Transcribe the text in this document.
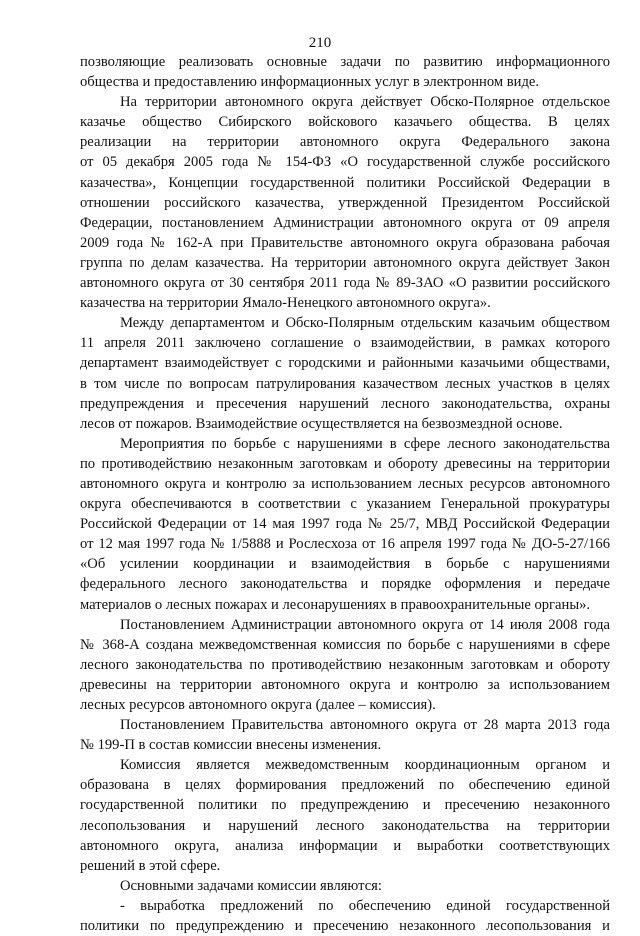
210
позволяющие реализовать основные задачи по развитию информационного
общества и предоставлению информационных услуг в электронном виде.
На территории автономного округа действует Обско-Полярное отдельское
казачье общество Сибирского войскового казачьего общества. В целях
реализации на территории автономного округа Федерального закона
от 05 декабря 2005 года № 154-ФЗ «О государственной службе российского
казачества», Концепции государственной политики Российской Федерации в
отношении российского казачества, утвержденной Президентом Российской
Федерации, постановлением Администрации автономного округа от 09 апреля
2009 года № 162-А при Правительстве автономного округа образована рабочая
группа по делам казачества. На территории автономного округа действует Закон
автономного округа от 30 сентября 2011 года № 89-ЗАО «О развитии российского
казачества на территории Ямало-Ненецкого автономного округа».
Между департаментом и Обско-Полярным отдельским казачьим обществом
11 апреля 2011 заключено соглашение о взаимодействии, в рамках которого
департамент взаимодействует с городскими и районными казачьими обществами,
в том числе по вопросам патрулирования казачеством лесных участков в целях
предупреждения и пресечения нарушений лесного законодательства, охраны
лесов от пожаров. Взаимодействие осуществляется на безвозмездной основе.
Мероприятия по борьбе с нарушениями в сфере лесного законодательства
по противодействию незаконным заготовкам и обороту древесины на территории
автономного округа и контролю за использованием лесных ресурсов автономного
округа обеспечиваются в соответствии с указанием Генеральной прокуратуры
Российской Федерации от 14 мая 1997 года № 25/7, МВД Российской Федерации
от 12 мая 1997 года № 1/5888 и Рослесхоза от 16 апреля 1997 года № ДО-5-27/166
«Об усилении координации и взаимодействия в борьбе с нарушениями
федерального лесного законодательства и порядке оформления и передаче
материалов о лесных пожарах и лесонарушениях в правоохранительные органы».
Постановлением Администрации автономного округа от 14 июля 2008 года
№ 368-А создана межведомственная комиссия по борьбе с нарушениями в сфере
лесного законодательства по противодействию незаконным заготовкам и обороту
древесины на территории автономного округа и контролю за использованием
лесных ресурсов автономного округа (далее – комиссия).
Постановлением Правительства автономного округа от 28 марта 2013 года
№ 199-П в состав комиссии внесены изменения.
Комиссия является межведомственным координационным органом и
образована в целях формирования предложений по обеспечению единой
государственной политики по предупреждению и пресечению незаконного
лесопользования и нарушений лесного законодательства на территории
автономного округа, анализа информации и выработки соответствующих
решений в этой сфере.
Основными задачами комиссии являются:
- выработка предложений по обеспечению единой государственной
политики по предупреждению и пресечению незаконного лесопользования и
